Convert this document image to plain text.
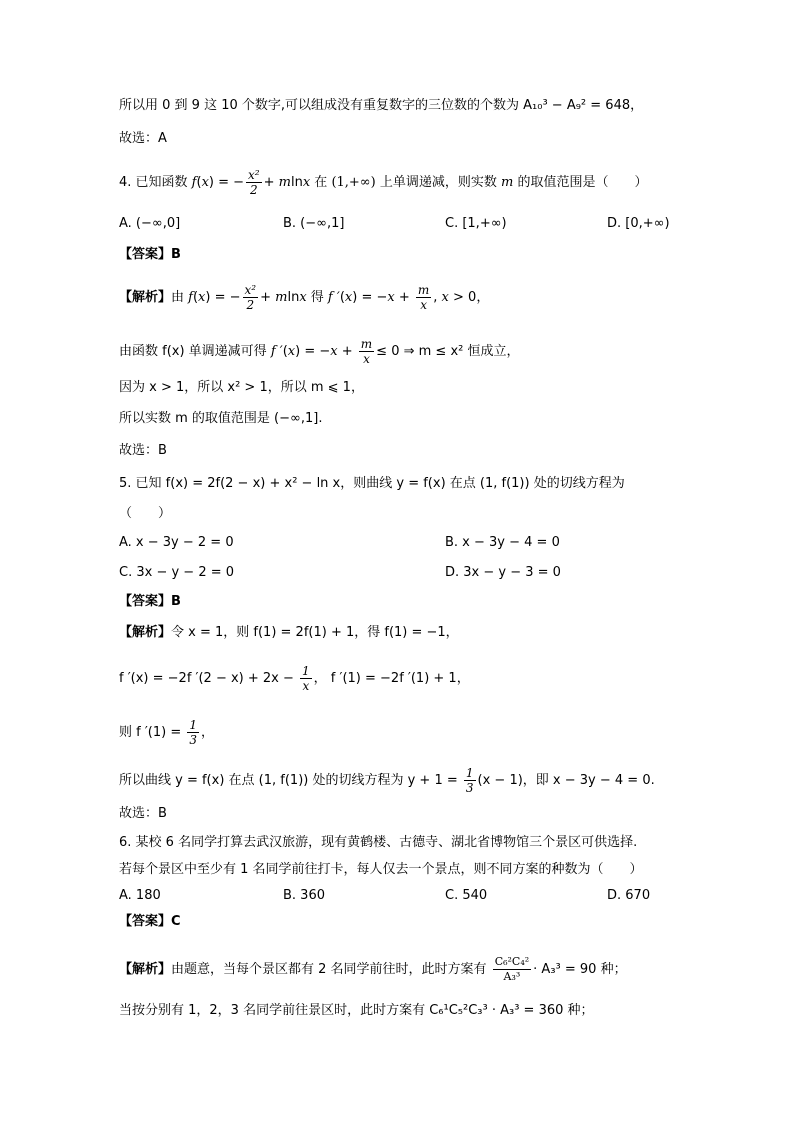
所以用 0 到 9 这 10 个数字,可以组成没有重复数字的三位数的个数为 A₁₀³ − A₉² = 648，
故选：A
4. 已知函数 f(x) = − $\frac{\text{x²}}{2} + mlnx$ 在 (1,+∞) 上单调递减，则实数 m 的取值范围是（　　）
A. (−∞,0]	B. (−∞,1]	C. [1,+∞)	D. [0,+∞)
【答案】B
【解析】由 f(x) = − $\frac{\text{x²}}{2} + mlnx$ 得 f $'(x) = -x + \frac{m}{x}$ , x > 0，
由函数 f(x) 单调递减可得 f $'(x) = -x + \frac{m}{x} \le 0$ ⇒ m ≤ x² 恒成立，
因为 x > 1，所以 x² > 1，所以 m ⩽ 1，
所以实数 m 的取值范围是 (−∞,1].
故选：B
5. 已知 f(x) = 2f(2 − x) + x² − ln x，则曲线 y = f(x) 在点 (1, f(1)) 处的切线方程为
（　　）
A. x − 3y − 2 = 0	B. x − 3y − 4 = 0
C. 3x − y − 2 = 0	D. 3x − y − 3 = 0
【答案】B
【解析】令 x = 1，则 f(1) = 2f(1) + 1，得 f(1) = −1，
f ′(x) = −2f $'(2 - x) + 2x - \frac{1}{x}$ ， f ′(1) = −2f ′(1) + 1，
则 f $'(1) = \frac{1}{3}$ ，
所以曲线 y = f(x) 在点 (1, f(1)) 处的切线方程为 $y + 1 = \frac{1}{3} (x - 1)$，即 x − 3y − 4 = 0.
故选：B
6. 某校 6 名同学打算去武汉旅游，现有黄鹤楼、古德寺、湖北省博物馆三个景区可供选择.
若每个景区中至少有 1 名同学前往打卡，每人仅去一个景点，则不同方案的种数为（　　）
A. 180	B. 360	C. 540	D. 670
【答案】C
【解析】由题意，当每个景区都有 2 名同学前往时，此时方案有 $\frac{\text{C₆²C₄²}}{\text{A₃³}} \cdot A_3^3 = 90$ 种；
当按分别有 1，2，3 名同学前往景区时，此时方案有 C₆¹C₅²C₃³ · A₃³ = 360 种；
